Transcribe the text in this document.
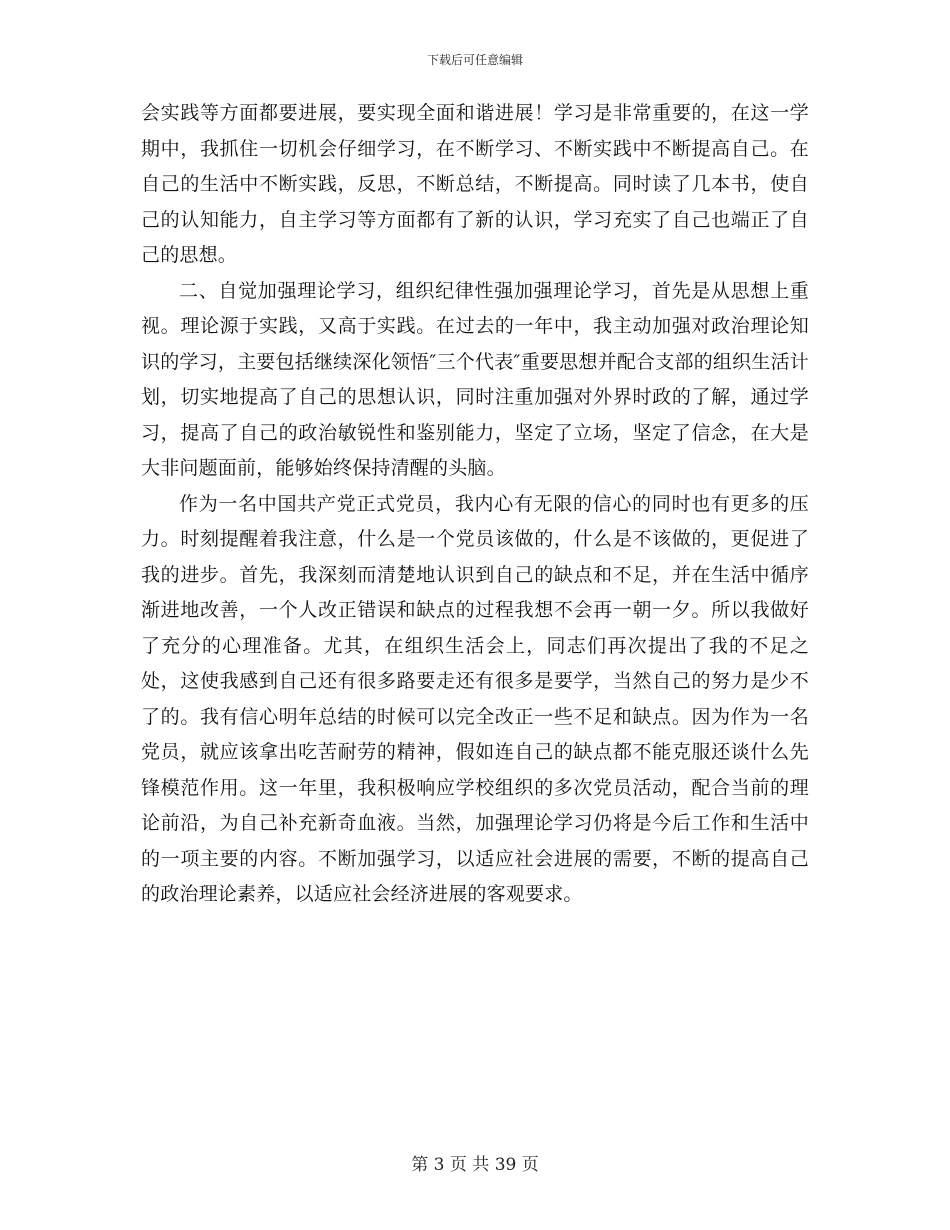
下载后可任意编辑

会实践等方面都要进展，要实现全面和谐进展！学习是非常重要的，在这一学期中，我抓住一切机会仔细学习，在不断学习、不断实践中不断提高自己。在自己的生活中不断实践，反思，不断总结，不断提高。同时读了几本书，使自己的认知能力，自主学习等方面都有了新的认识，学习充实了自己也端正了自己的思想。

二、自觉加强理论学习，组织纪律性强加强理论学习，首先是从思想上重视。理论源于实践，又高于实践。在过去的一年中，我主动加强对政治理论知识的学习，主要包括继续深化领悟″三个代表″重要思想并配合支部的组织生活计划，切实地提高了自己的思想认识，同时注重加强对外界时政的了解，通过学习，提高了自己的政治敏锐性和鉴别能力，坚定了立场，坚定了信念，在大是大非问题面前，能够始终保持清醒的头脑。

作为一名中国共产党正式党员，我内心有无限的信心的同时也有更多的压力。时刻提醒着我注意，什么是一个党员该做的，什么是不该做的，更促进了我的进步。首先，我深刻而清楚地认识到自己的缺点和不足，并在生活中循序渐进地改善，一个人改正错误和缺点的过程我想不会再一朝一夕。所以我做好了充分的心理准备。尤其，在组织生活会上，同志们再次提出了我的不足之处，这使我感到自己还有很多路要走还有很多是要学，当然自己的努力是少不了的。我有信心明年总结的时候可以完全改正一些不足和缺点。因为作为一名党员，就应该拿出吃苦耐劳的精神，假如连自己的缺点都不能克服还谈什么先锋模范作用。这一年里，我积极响应学校组织的多次党员活动，配合当前的理论前沿，为自己补充新奇血液。当然，加强理论学习仍将是今后工作和生活中的一项主要的内容。不断加强学习，以适应社会进展的需要，不断的提高自己的政治理论素养，以适应社会经济进展的客观要求。

第 3 页 共 39 页
